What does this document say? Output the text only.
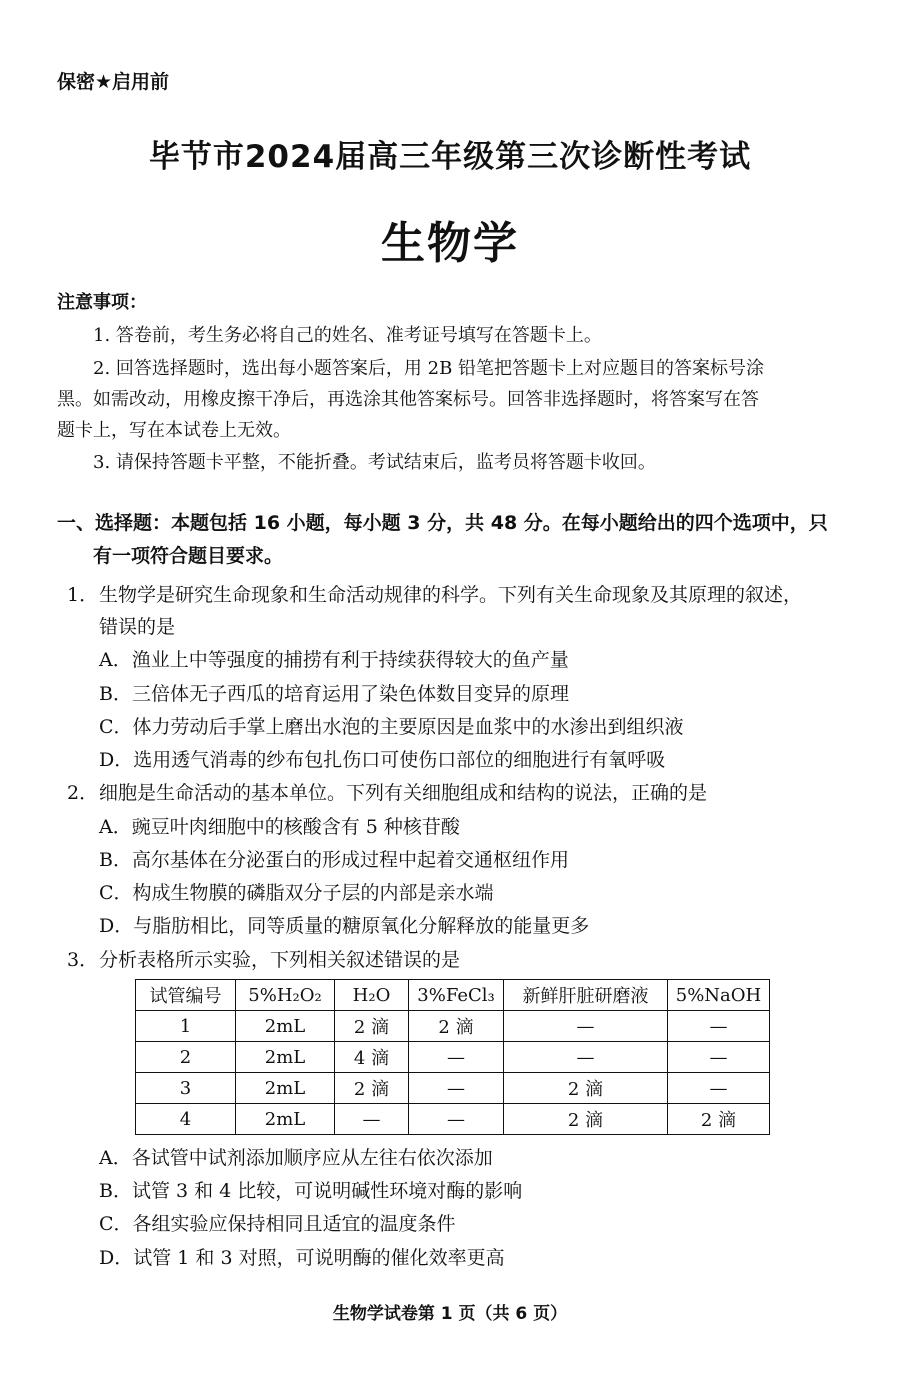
保密★启用前
毕节市2024届高三年级第三次诊断性考试
生物学
注意事项：
1. 答卷前，考生务必将自己的姓名、准考证号填写在答题卡上。
2. 回答选择题时，选出每小题答案后，用 2B 铅笔把答题卡上对应题目的答案标号涂
黑。如需改动，用橡皮擦干净后，再选涂其他答案标号。回答非选择题时，将答案写在答
题卡上，写在本试卷上无效。
3. 请保持答题卡平整，不能折叠。考试结束后，监考员将答题卡收回。
一、选择题：本题包括 16 小题，每小题 3 分，共 48 分。在每小题给出的四个选项中，只
有一项符合题目要求。
1． 生物学是研究生命现象和生命活动规律的科学。下列有关生命现象及其原理的叙述，
错误的是
A．渔业上中等强度的捕捞有利于持续获得较大的鱼产量
B．三倍体无子西瓜的培育运用了染色体数目变异的原理
C．体力劳动后手掌上磨出水泡的主要原因是血浆中的水渗出到组织液
D．选用透气消毒的纱布包扎伤口可使伤口部位的细胞进行有氧呼吸
2． 细胞是生命活动的基本单位。下列有关细胞组成和结构的说法，正确的是
A．豌豆叶肉细胞中的核酸含有 5 种核苷酸
B．高尔基体在分泌蛋白的形成过程中起着交通枢纽作用
C．构成生物膜的磷脂双分子层的内部是亲水端
D．与脂肪相比，同等质量的糖原氧化分解释放的能量更多
3． 分析表格所示实验，下列相关叙述错误的是
试管编号	5%H₂O₂	H₂O	3%FeCl₃	新鲜肝脏研磨液	5%NaOH
1	2mL	2 滴	2 滴	—	—
2	2mL	4 滴	—	—	—
3	2mL	2 滴	—	2 滴	—
4	2mL	—	—	2 滴	2 滴
A．各试管中试剂添加顺序应从左往右依次添加
B．试管 3 和 4 比较，可说明碱性环境对酶的影响
C．各组实验应保持相同且适宜的温度条件
D．试管 1 和 3 对照，可说明酶的催化效率更高
生物学试卷第 1 页（共 6 页）
